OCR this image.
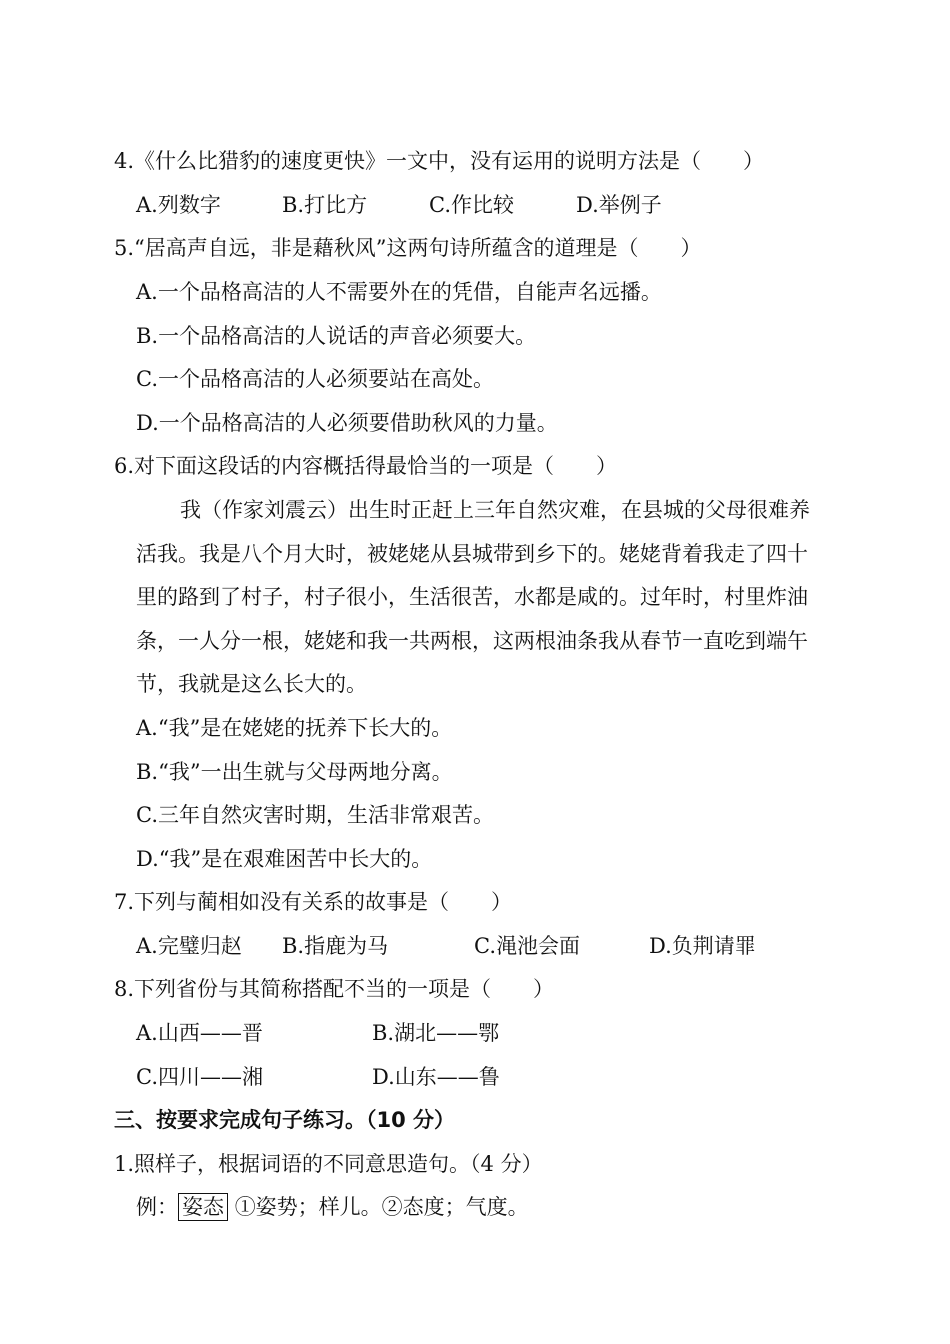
4.《什么比猎豹的速度更快》一文中，没有运用的说明方法是（　　）
A.列数字	B.打比方	C.作比较	D.举例子
5.“居高声自远，非是藉秋风”这两句诗所蕴含的道理是（　　）
A.一个品格高洁的人不需要外在的凭借，自能声名远播。
B.一个品格高洁的人说话的声音必须要大。
C.一个品格高洁的人必须要站在高处。
D.一个品格高洁的人必须要借助秋风的力量。
6.对下面这段话的内容概括得最恰当的一项是（　　）
我（作家刘震云）出生时正赶上三年自然灾难，在县城的父母很难养
活我。我是八个月大时，被姥姥从县城带到乡下的。姥姥背着我走了四十
里的路到了村子，村子很小，生活很苦，水都是咸的。过年时，村里炸油
条，一人分一根，姥姥和我一共两根，这两根油条我从春节一直吃到端午
节，我就是这么长大的。
A.“我”是在姥姥的抚养下长大的。
B.“我”一出生就与父母两地分离。
C.三年自然灾害时期，生活非常艰苦。
D.“我”是在艰难困苦中长大的。
7.下列与蔺相如没有关系的故事是（　　）
A.完璧归赵 B.指鹿为马	C.渑池会面	D.负荆请罪
8.下列省份与其简称搭配不当的一项是（　　）
A.山西——晋	B.湖北——鄂
C.四川——湘	D.山东——鲁
三、按要求完成句子练习。（10 分）
1.照样子，根据词语的不同意思造句。（4 分）
例： 姿态 ①姿势；样儿。②态度；气度。
